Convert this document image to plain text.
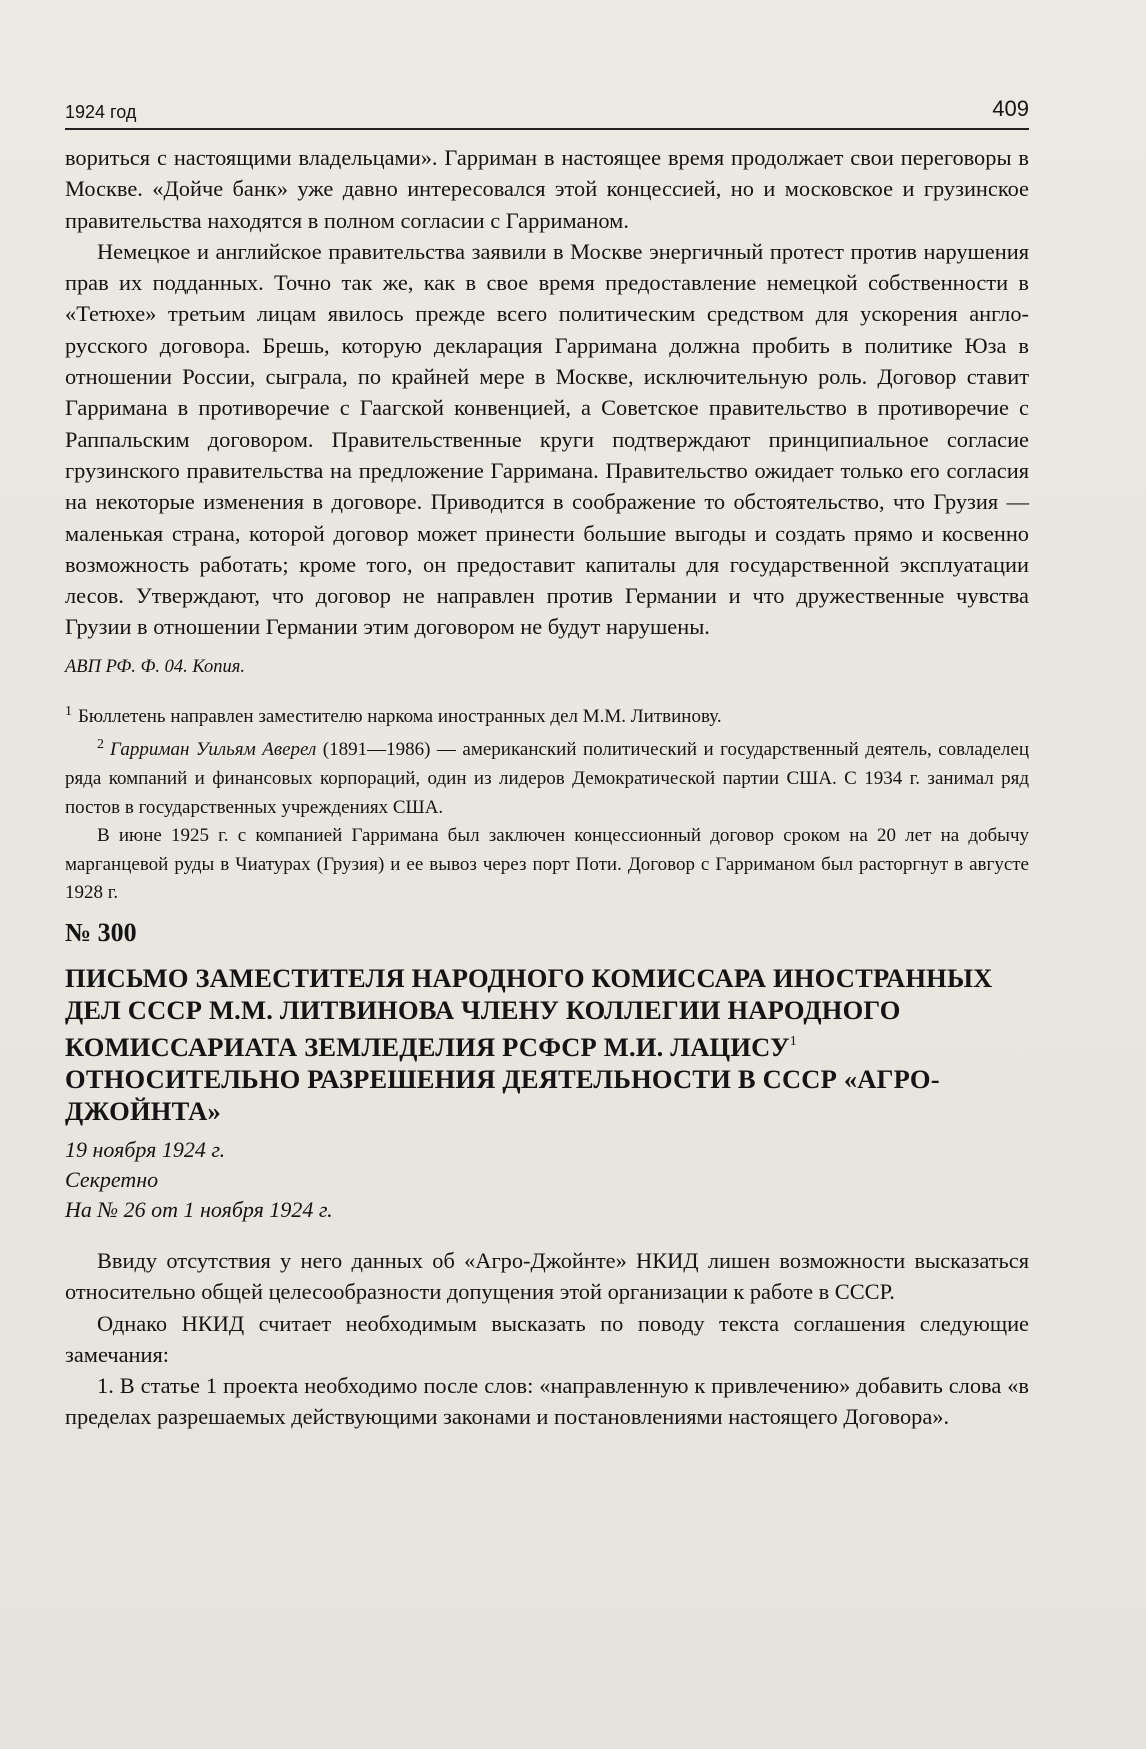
1924 год	409

вориться с настоящими владельцами». Гарриман в настоящее время продолжает свои переговоры в Москве. «Дойче банк» уже давно интересовался этой концессией, но и московское и грузинское правительства находятся в полном согласии с Гарриманом.

Немецкое и английское правительства заявили в Москве энергичный протест против нарушения прав их подданных. Точно так же, как в свое время предоставление немецкой собственности в «Тетюхе» третьим лицам явилось прежде всего политическим средством для ускорения англо-русского договора. Брешь, которую декларация Гарримана должна пробить в политике Юза в отношении России, сыграла, по крайней мере в Москве, исключительную роль. Договор ставит Гарримана в противоречие с Гаагской конвенцией, а Советское правительство в противоречие с Раппальским договором. Правительственные круги подтверждают принципиальное согласие грузинского правительства на предложение Гарримана. Правительство ожидает только его согласия на некоторые изменения в договоре. Приводится в соображение то обстоятельство, что Грузия — маленькая страна, которой договор может принести большие выгоды и создать прямо и косвенно возможность работать; кроме того, он предоставит капиталы для государственной эксплуатации лесов. Утверждают, что договор не направлен против Германии и что дружественные чувства Грузии в отношении Германии этим договором не будут нарушены.

АВП РФ. Ф. 04. Копия.

$^1$ Бюллетень направлен заместителю наркома иностранных дел М.М. Литвинову.

$^2$ Гарриман Уильям Аверел (1891—1986) — американский политический и государственный деятель, совладелец ряда компаний и финансовых корпораций, один из лидеров Демократической партии США. С 1934 г. занимал ряд постов в государственных учреждениях США.

В июне 1925 г. с компанией Гарримана был заключен концессионный договор сроком на 20 лет на добычу марганцевой руды в Чиатурах (Грузия) и ее вывоз через порт Поти. Договор с Гарриманом был расторгнут в августе 1928 г.

№ 300

ПИСЬМО ЗАМЕСТИТЕЛЯ НАРОДНОГО КОМИССАРА ИНОСТРАННЫХ ДЕЛ СССР М.М. ЛИТВИНОВА ЧЛЕНУ КОЛЛЕГИИ НАРОДНОГО КОМИССАРИАТА ЗЕМЛЕДЕЛИЯ РСФСР М.И. ЛАЦИСУ$^1$ ОТНОСИТЕЛЬНО РАЗРЕШЕНИЯ ДЕЯТЕЛЬНОСТИ В СССР «АГРО-ДЖОЙНТА»

19 ноября 1924 г.
Секретно
На № 26 от 1 ноября 1924 г.

Ввиду отсутствия у него данных об «Агро-Джойнте» НКИД лишен возможности высказаться относительно общей целесообразности допущения этой организации к работе в СССР.

Однако НКИД считает необходимым высказать по поводу текста соглашения следующие замечания:

1. В статье 1 проекта необходимо после слов: «направленную к привлечению» добавить слова «в пределах разрешаемых действующими законами и постановлениями настоящего Договора».
